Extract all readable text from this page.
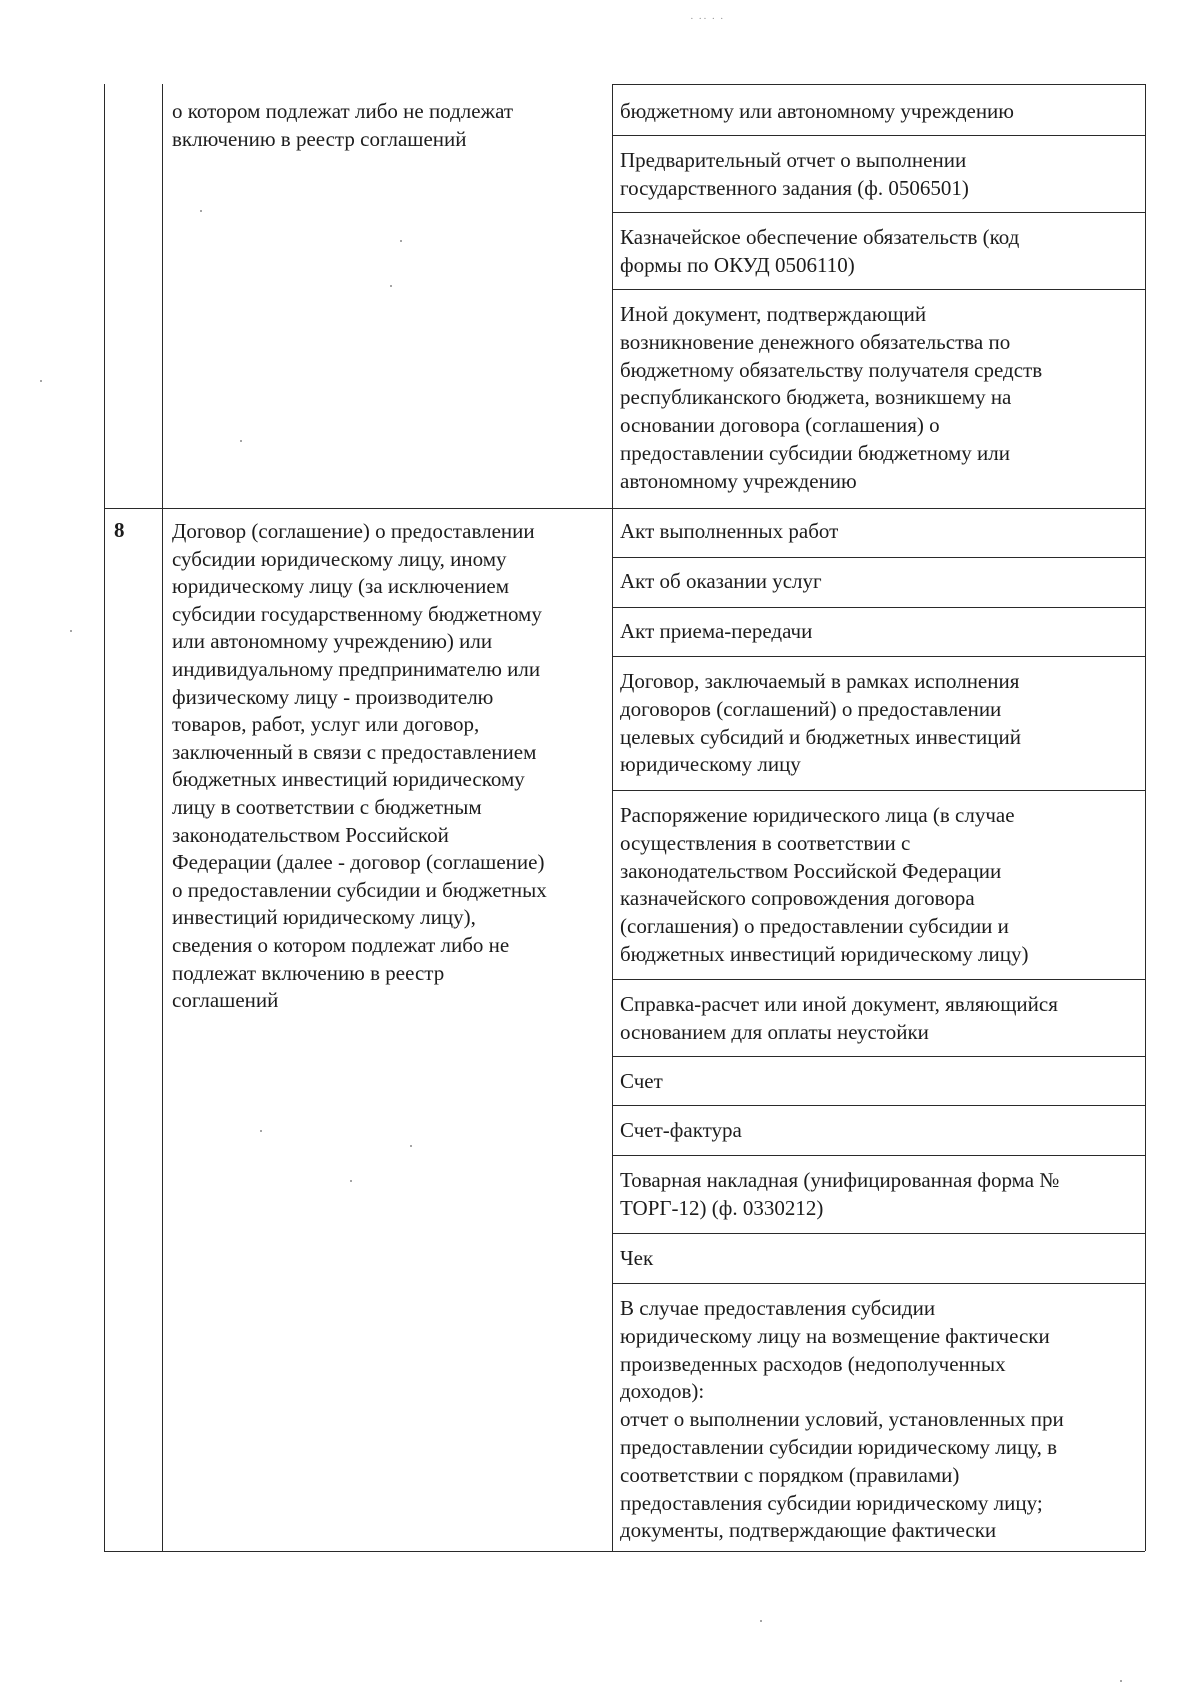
· ·· · ·
о котором подлежат либо не подлежат
включению в реестр соглашений
бюджетному или автономному учреждению
Предварительный отчет о выполнении
государственного задания (ф. 0506501)
Казначейское обеспечение обязательств (код
формы по ОКУД 0506110)
Иной документ, подтверждающий
возникновение денежного обязательства по
бюджетному обязательству получателя средств
республиканского бюджета, возникшему на
основании договора (соглашения) о
предоставлении субсидии бюджетному или
автономному учреждению
8 Договор (соглашение) о предоставлении
субсидии юридическому лицу, иному
юридическому лицу (за исключением
субсидии государственному бюджетному
или автономному учреждению) или
индивидуальному предпринимателю или
физическому лицу - производителю
товаров, работ, услуг или договор,
заключенный в связи с предоставлением
бюджетных инвестиций юридическому
лицу в соответствии с бюджетным
законодательством Российской
Федерации (далее - договор (соглашение)
о предоставлении субсидии и бюджетных
инвестиций юридическому лицу),
сведения о котором подлежат либо не
подлежат включению в реестр
соглашений
Акт выполненных работ
Акт об оказании услуг
Акт приема-передачи
Договор, заключаемый в рамках исполнения
договоров (соглашений) о предоставлении
целевых субсидий и бюджетных инвестиций
юридическому лицу
Распоряжение юридического лица (в случае
осуществления в соответствии с
законодательством Российской Федерации
казначейского сопровождения договора
(соглашения) о предоставлении субсидии и
бюджетных инвестиций юридическому лицу)
Справка-расчет или иной документ, являющийся
основанием для оплаты неустойки
Счет
Счет-фактура
Товарная накладная (унифицированная форма №
ТОРГ-12) (ф. 0330212)
Чек
В случае предоставления субсидии
юридическому лицу на возмещение фактически
произведенных расходов (недополученных
доходов):
отчет о выполнении условий, установленных при
предоставлении субсидии юридическому лицу, в
соответствии с порядком (правилами)
предоставления субсидии юридическому лицу;
документы, подтверждающие фактически
